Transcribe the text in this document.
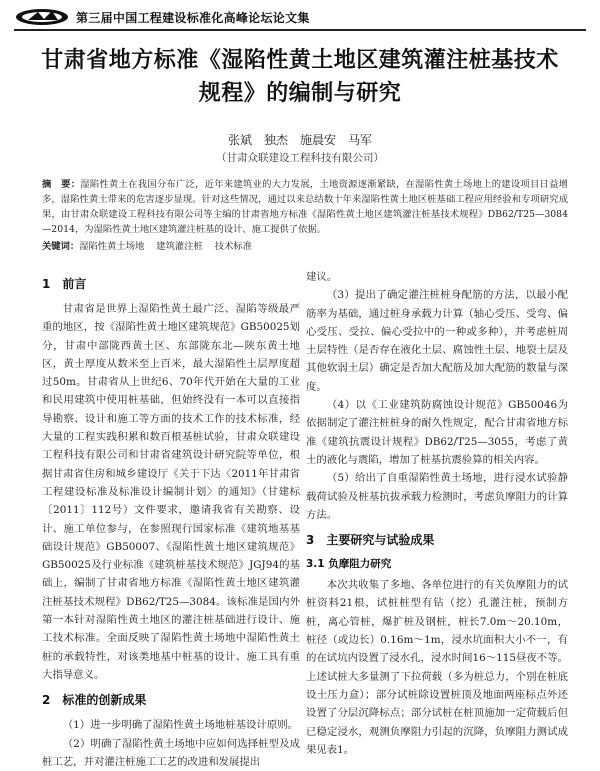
第三届中国工程建设标准化高峰论坛论文集
甘肃省地方标准《湿陷性黄土地区建筑灌注桩基技术规程》的编制与研究
张斌　独杰　施晨安　马军
（甘肃众联建设工程科技有限公司）
摘　要：湿陷性黄土在我国分布广泛，近年来建筑业的大力发展，土地资源逐渐紧缺，在湿陷性黄土场地上的建设项目日益增多，湿陷性黄土带来的危害逐步显现。针对这些情况，通过以来总结数十年来湿陷性黄土地区桩基础工程应用经验和专项研究成果，由甘肃众联建设工程科技有限公司等主编的甘肃省地方标准《湿陷性黄土地区建筑灌注桩基技术规程》DB62/T25—3084—2014，为湿陷性黄土地区建筑灌注桩基的设计、施工提供了依据。
关键词：湿陷性黄土场地 建筑灌注桩 技术标准
1　前言

甘肃省是世界上湿陷性黄土最广泛、湿陷等级最严重的地区，按《湿陷性黄土地区建筑规范》GB50025划分，甘肃中部陇西黄土区、东部陇东北—陕东黄土地区，黄土厚度从数米至上百米，最大湿陷性土层厚度超过50m。甘肃省从上世纪6、70年代开始在大量的工业和民用建筑中使用桩基础，但始终没有一本可以直接指导勘察、设计和施工等方面的技术工作的技术标准，经大量的工程实践积累和数百根基桩试验，甘肃众联建设工程科技有限公司和甘肃省建筑设计研究院等单位，根据甘肃省住房和城乡建设厅《关于下达〈2011年甘肃省工程建设标准及标准设计编制计划〉的通知》（甘建标〔2011〕112号）文件要求，邀请我省有关勘察、设计、施工单位参与，在参照现行国家标准《建筑地基基础设计规范》GB50007、《湿陷性黄土地区建筑规范》GB50025及行业标准《建筑桩基技术规范》JGJ94的基础上，编制了甘肃省地方标准《湿陷性黄土地区建筑灌注桩基技术规程》DB62/T25—3084。该标准是国内外第一本针对湿陷性黄土地区的灌注桩基础进行设计、施工技术标准。全面反映了湿陷性黄土场地中湿陷性黄土桩的承载特性，对该类地基中桩基的设计、施工具有重大指导意义。

2　标准的创新成果

（1）进一步明确了湿陷性黄土场地桩基设计原则。

（2）明确了湿陷性黄土场地中应如何选择桩型及成桩工艺，并对灌注桩施工工艺的改进和发展提出

建议。

（3）提出了确定灌注桩桩身配筋的方法，以最小配筋率为基础，通过桩身承载力计算（轴心受压、受弯、偏心受压、受拉、偏心受拉中的一种或多种），并考虑桩周土层特性（是否存在液化土层、腐蚀性土层、地裂土层及其他软弱土层）确定是否加大配筋及加大配筋的数量与深度。

（4）以《工业建筑防腐蚀设计规范》GB50046为依据制定了灌注桩桩身的耐久性规定，配合甘肃省地方标准《建筑抗震设计规程》DB62/T25—3055，考虑了黄土的液化与震陷，增加了桩基抗震验算的相关内容。

（5）给出了自重湿陷性黄土场地，进行浸水试验静载荷试验及桩基抗拔承载力检测时，考虑负摩阻力的计算方法。

3　主要研究与试验成果
3.1 负摩阻力研究

本次共收集了多地、各单位进行的有关负摩阻力的试桩资料21根，试桩桩型有钻（挖）孔灌注桩，预制方桩，离心管桩，爆扩桩及钢桩，桩长7.0m～20.10m，桩径（或边长）0.16m～1m，浸水坑面积大小不一，有的在试坑内设置了浸水孔，浸水时间16～115昼夜不等。上述试桩大多量测了下拉荷载（多为桩总力，个别在桩底设土压力盒）；部分试桩除设置桩顶及地面两座标点外还设置了分层沉降标点；部分试桩在桩顶施加一定荷载后但已稳定浸水，观测负摩阻力引起的沉降，负摩阻力测试成果见表1。
